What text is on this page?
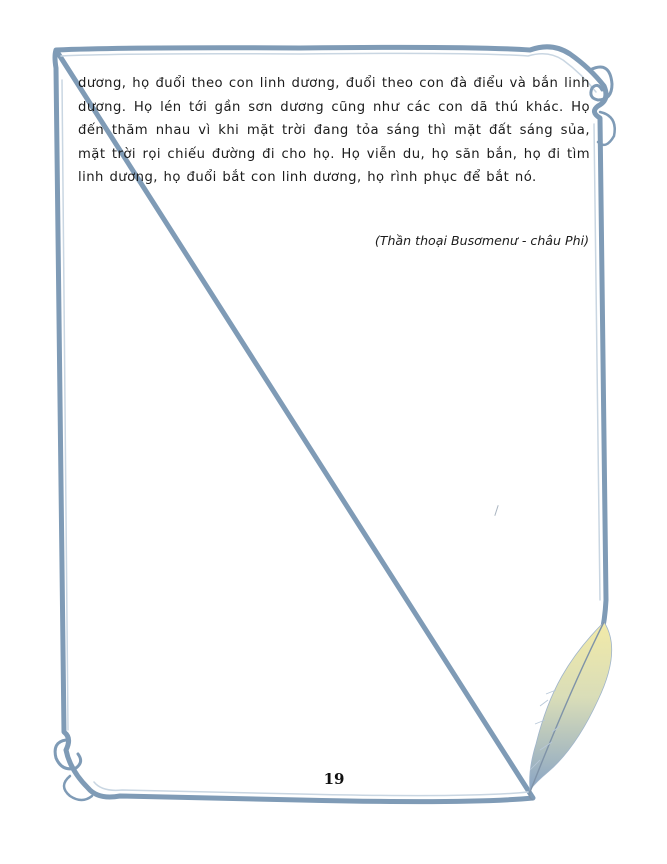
dương, họ đuổi theo con linh dương, đuổi theo con đà điểu và bắn linh dương. Họ lén tới gần sơn dương cũng như các con dã thú khác. Họ đến thăm nhau vì khi mặt trời đang tỏa sáng thì mặt đất sáng sủa, mặt trời rọi chiếu đường đi cho họ. Họ viễn du, họ săn bắn, họ đi tìm linh dương, họ đuổi bắt con linh dương, họ rình phục để bắt nó.

(Thần thoại Busơmenư - châu Phi)

19
